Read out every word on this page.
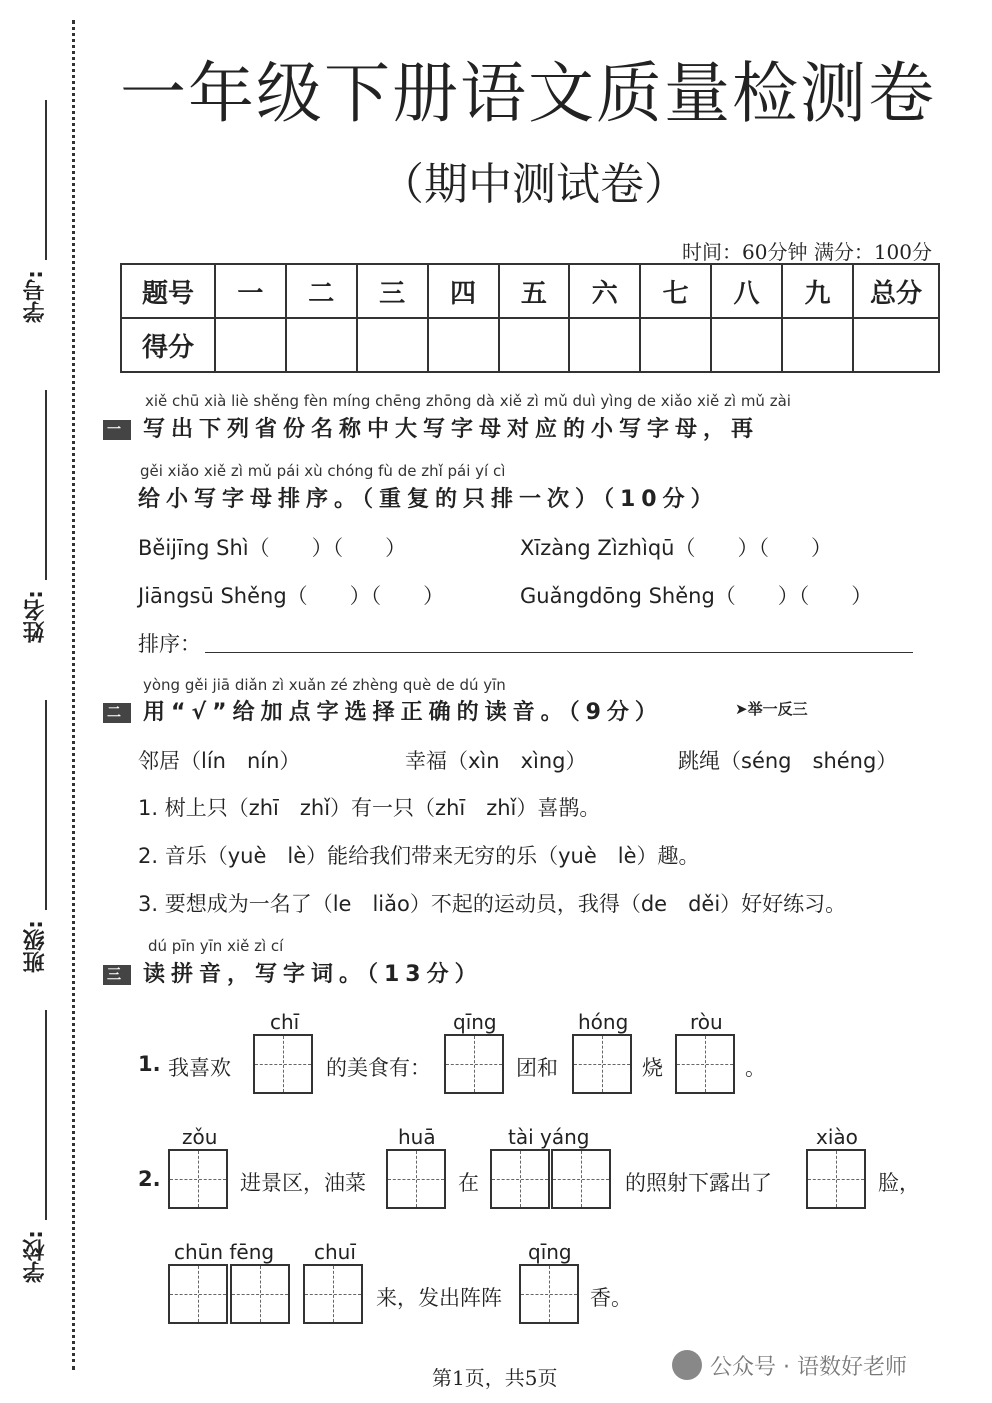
学号:
姓名:
班级:
学校:
一年级下册语文质量检测卷
（期中测试卷）
时间：60分钟 满分：100分
题号	一	二	三	四	五	六	七	八	九	总分
得分										
xiě chū xià liè shěng fèn míng chēng zhōng dà xiě zì mǔ duì yìng de xiǎo xiě zì mǔ zài
一 写出下列省份名称中大写字母对应的小写字母，再
gěi xiǎo xiě zì mǔ pái xù chóng fù de zhǐ pái yí cì
给小写字母排序。（重复的只排一次）（10分）
Běijīng Shì（　　）（　　）	Xīzàng Zìzhìqū（　　）（　　）
Jiāngsū Shěng（　　）（　　）	Guǎngdōng Shěng（　　）（　　）
排序：
yòng gěi jiā diǎn zì xuǎn zé zhèng què de dú yīn
二 用“√”给加点字选择正确的读音。（9分）	➤举一反三
邻居（lín　nín）	幸福（xìn　xìng）	跳绳（séng　shéng）
1. 树上只（zhī　zhǐ）有一只（zhī　zhǐ）喜鹊。
2. 音乐（yuè　lè）能给我们带来无穷的乐（yuè　lè）趣。
3. 要想成为一名了（le　liǎo）不起的运动员，我得（de　děi）好好练习。
dú pīn yīn xiě zì cí
三 读拼音，写字词。（13分）
1. 我喜欢
chī
的美食有：
qīng
团和
hóng
烧
ròu
。
2.
zǒu
进景区，油菜
huā
在
tài yáng
的照射下露出了
xiào
脸，
chūn fēng chuī
来，发出阵阵
qīng
香。
第1页，共5页	公众号 · 语数好老师
